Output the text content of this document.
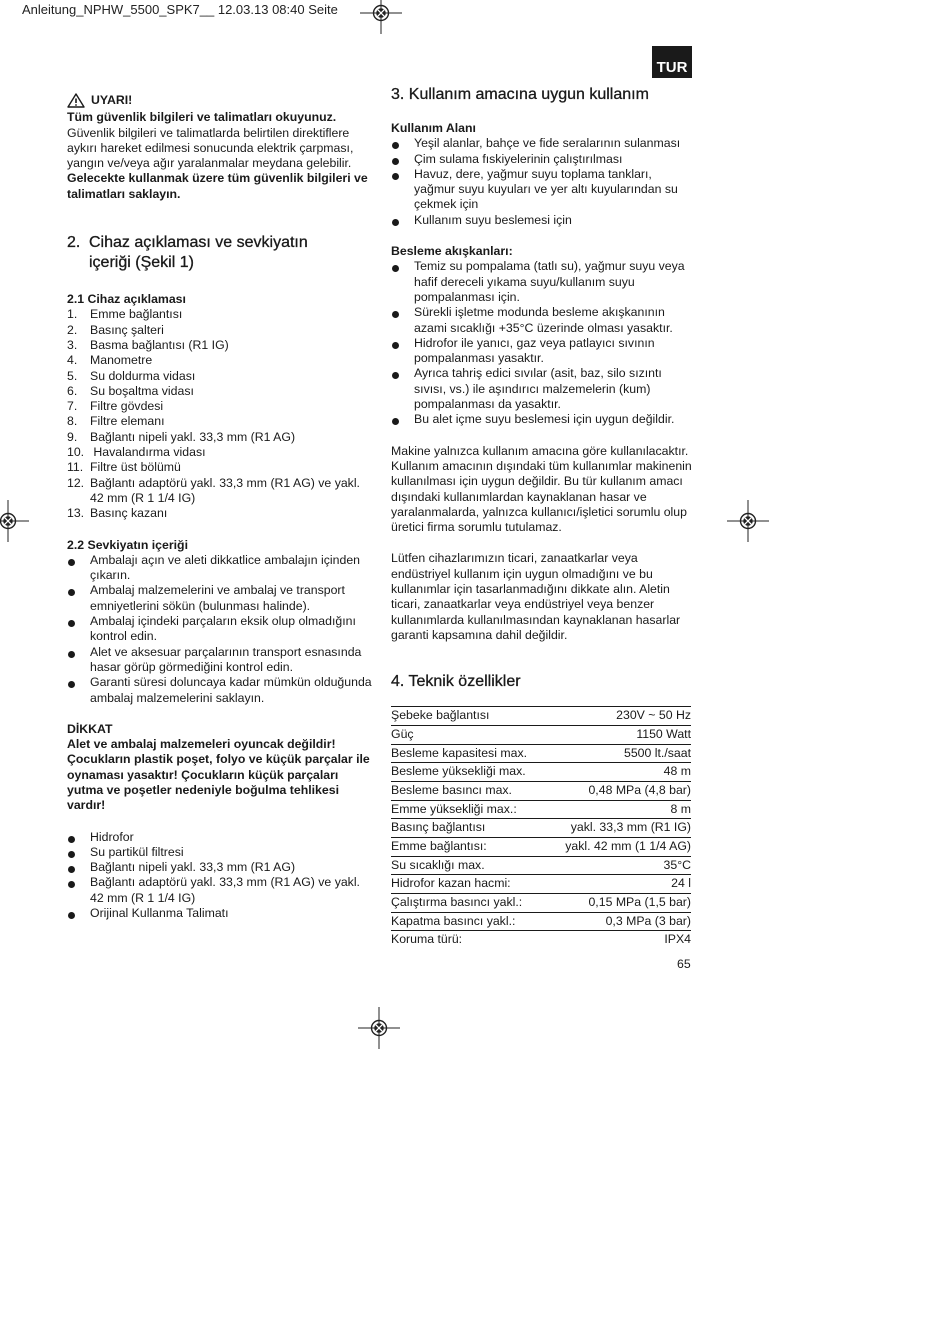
Anleitung_NPHW_5500_SPK7__ 12.03.13 08:40 Seite
TUR
UYARI!

Tüm güvenlik bilgileri ve talimatları okuyunuz.

Güvenlik bilgileri ve talimatlarda belirtilen direktiflere aykırı hareket edilmesi sonucunda elektrik çarpması, yangın ve/veya ağır yaralanmalar meydana gelebilir.

Gelecekte kullanmak üzere tüm güvenlik bilgileri ve talimatları saklayın.

2. Cihaz açıklaması ve sevkiyatın
içeriği (Şekil 1)
2.1 Cihaz açıklaması
1.	Emme bağlantısı
2.	Basınç şalteri
3.	Basma bağlantısı (R1 IG)
4.	Manometre
5.	Su doldurma vidası
6.	Su boşaltma vidası
7.	Filtre gövdesi
8.	Filtre elemanı
9.	Bağlantı nipeli yakl. 33,3 mm (R1 AG)
10. Havalandırma vidası
11. Filtre üst bölümü
12. Bağlantı adaptörü yakl. 33,3 mm (R1 AG) ve yakl. 42 mm (R 1 1/4 IG)
13. Basınç kazanı
2.2 Sevkiyatın içeriği
Ambalajı açın ve aleti dikkatlice ambalajın içinden çıkarın.
Ambalaj malzemelerini ve ambalaj ve transport emniyetlerini sökün (bulunması halinde).
Ambalaj içindeki parçaların eksik olup olmadığını kontrol edin.
Alet ve aksesuar parçalarının transport esnasında hasar görüp görmediğini kontrol edin.
Garanti süresi doluncaya kadar mümkün olduğunda ambalaj malzemelerini saklayın.
DİKKAT

Alet ve ambalaj malzemeleri oyuncak değildir! Çocukların plastik poşet, folyo ve küçük parçalar ile oynaması yasaktır! Çocukların küçük parçaları yutma ve poşetler nedeniyle boğulma tehlikesi vardır!

Hidrofor
Su partikül filtresi
Bağlantı nipeli yakl. 33,3 mm (R1 AG)
Bağlantı adaptörü yakl. 33,3 mm (R1 AG) ve yakl. 42 mm (R 1 1/4 IG)
Orijinal Kullanma Talimatı
3. Kullanım amacına uygun kullanım
Kullanım Alanı
Yeşil alanlar, bahçe ve fide seralarının sulanması
Çim sulama fıskiyelerinin çalıştırılması
Havuz, dere, yağmur suyu toplama tankları, yağmur suyu kuyuları ve yer altı kuyularından su çekmek için
Kullanım suyu beslemesi için
Besleme akışkanları:
Temiz su pompalama (tatlı su), yağmur suyu veya hafif dereceli yıkama suyu/kullanım suyu pompalanması için.
Sürekli işletme modunda besleme akışkanının azami sıcaklığı +35°C üzerinde olması yasaktır.
Hidrofor ile yanıcı, gaz veya patlayıcı sıvının pompalanması yasaktır.
Ayrıca tahriş edici sıvılar (asit, baz, silo sızıntı sıvısı, vs.) ile aşındırıcı malzemelerin (kum) pompalanması da yasaktır.
Bu alet içme suyu beslemesi için uygun değildir.

Makine yalnızca kullanım amacına göre kullanılacaktır. Kullanım amacının dışındaki tüm kullanımlar makinenin kullanılması için uygun değildir. Bu tür kullanım amacı dışındaki kullanımlardan kaynaklanan hasar ve yaralanmalarda, yalnızca kullanıcı/işletici sorumlu olup üretici firma sorumlu tutulamaz.

Lütfen cihazlarımızın ticari, zanaatkarlar veya endüstriyel kullanım için uygun olmadığını ve bu kullanımlar için tasarlanmadığını dikkate alın. Aletin ticari, zanaatkarlar veya endüstriyel veya benzer kullanımlarda kullanılmasından kaynaklanan hasarlar garanti kapsamına dahil değildir.

4. Teknik özellikler
Şebeke bağlantısı	230V ~ 50 Hz
Güç	1150 Watt
Besleme kapasitesi max.	5500 lt./saat
Besleme yüksekliği max.	48 m
Besleme basıncı max.	0,48 MPa (4,8 bar)
Emme yüksekliği max.:	8 m
Basınç bağlantısı	yakl. 33,3 mm (R1 IG)
Emme bağlantısı:	yakl. 42 mm (1 1/4 AG)
Su sıcaklığı max.	35°C
Hidrofor kazan hacmi:	24 l
Çalıştırma basıncı yakl.:	0,15 MPa (1,5 bar)
Kapatma basıncı yakl.:	0,3 MPa (3 bar)
Koruma türü:	IPX4
65
